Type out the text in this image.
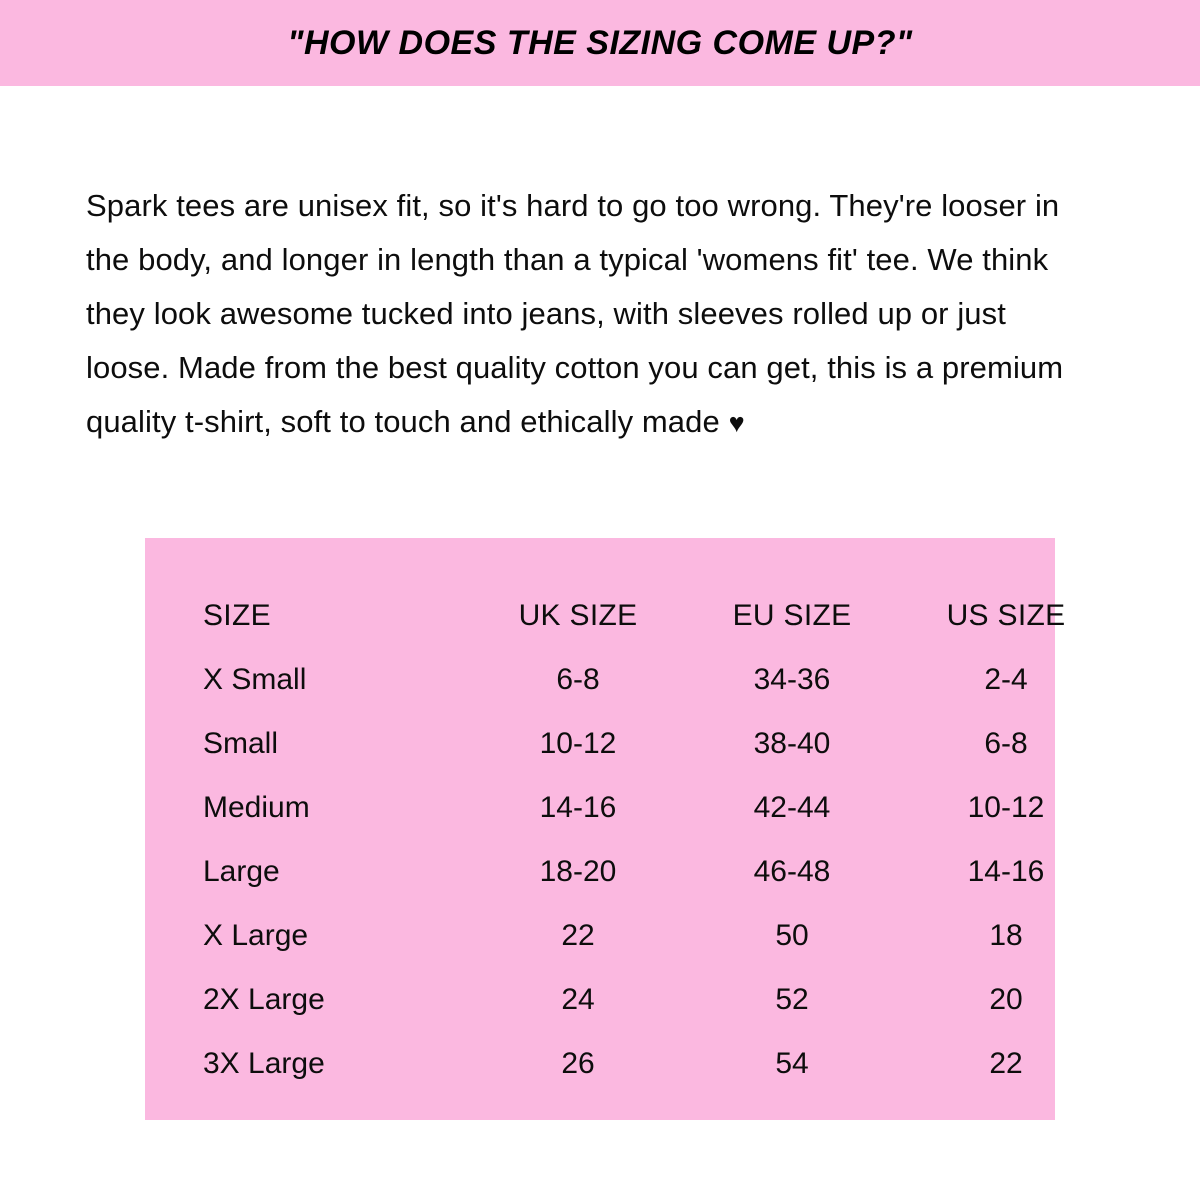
"HOW DOES THE SIZING COME UP?"

Spark tees are unisex fit, so it's hard to go too wrong. They're looser in the body, and longer in length than a typical 'womens fit' tee. We think they look awesome tucked into jeans, with sleeves rolled up or just loose. Made from the best quality cotton you can get, this is a premium quality t-shirt, soft to touch and ethically made ♥

SIZE	UK SIZE	EU SIZE	US SIZE
X Small	6-8	34-36	2-4
Small	10-12	38-40	6-8
Medium	14-16	42-44	10-12
Large	18-20	46-48	14-16
X Large	22	50	18
2X Large	24	52	20
3X Large	26	54	22
